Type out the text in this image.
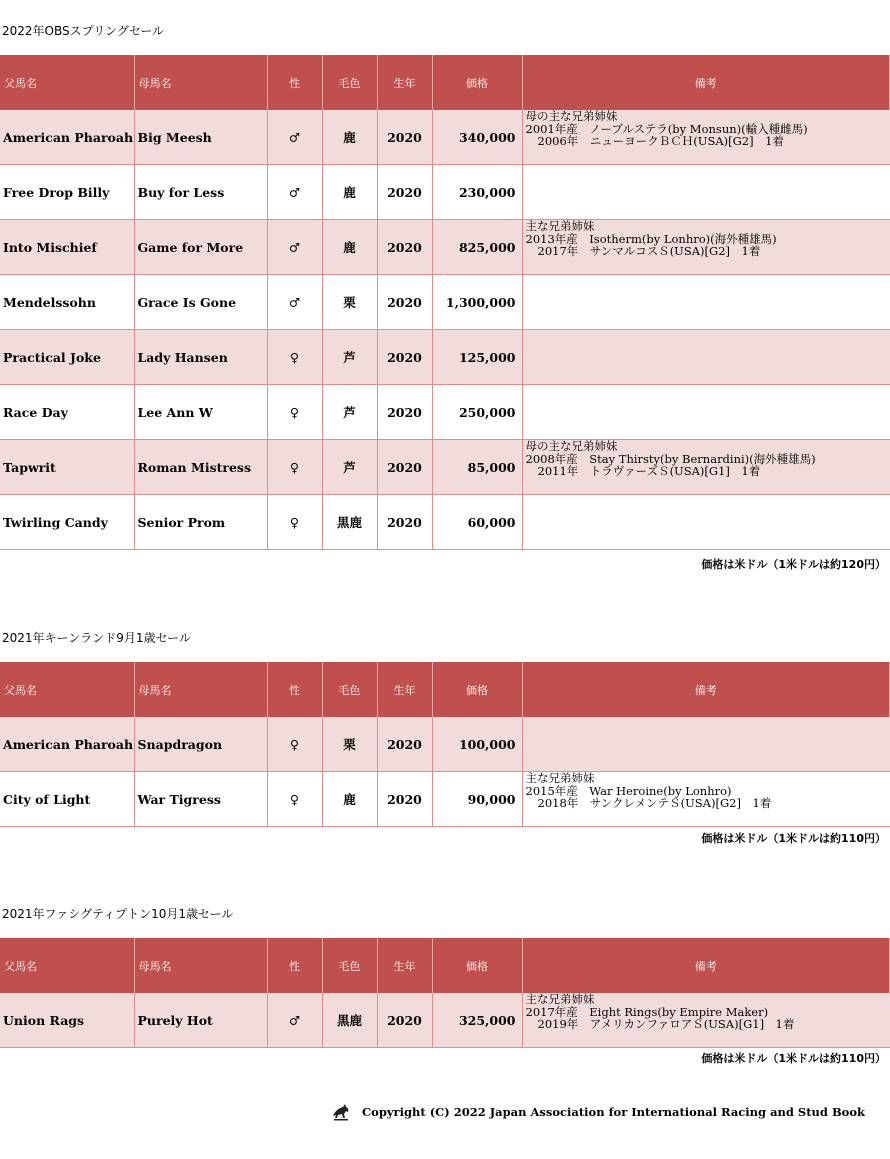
2022年OBSスプリングセール
父馬名	母馬名	性	毛色	生年	価格	備考
American Pharoah	Big Meesh	♂	鹿	2020	340,000	母の主な兄弟姉妹
2001年産　ノーブルステラ(by Monsun)(輸入種雌馬)
2006年　ニューヨークＢＣＨ(USA)[G2]　1着

Free Drop Billy	Buy for Less	♂	鹿	2020	230,000	
Into Mischief	Game for More	♂	鹿	2020	825,000	主な兄弟姉妹
2013年産　Isotherm(by Lonhro)(海外種雄馬)
2017年　サンマルコスＳ(USA)[G2]　1着

Mendelssohn	Grace Is Gone	♂	栗	2020	1,300,000	
Practical Joke	Lady Hansen	♀	芦	2020	125,000	
Race Day	Lee Ann W	♀	芦	2020	250,000	
Tapwrit	Roman Mistress	♀	芦	2020	85,000	母の主な兄弟姉妹
2008年産　Stay Thirsty(by Bernardini)(海外種雄馬)
2011年　トラヴァーズＳ(USA)[G1]　1着

Twirling Candy	Senior Prom	♀	黒鹿	2020	60,000	
価格は米ドル（1米ドルは約120円）
2021年キーンランド9月1歳セール
父馬名	母馬名	性	毛色	生年	価格	備考
American Pharoah	Snapdragon	♀	栗	2020	100,000	
City of Light	War Tigress	♀	鹿	2020	90,000	主な兄弟姉妹
2015年産　War Heroine(by Lonhro)
2018年　サンクレメンテＳ(USA)[G2]　1着
価格は米ドル（1米ドルは約110円）
2021年ファシグティプトン10月1歳セール
父馬名	母馬名	性	毛色	生年	価格	備考
Union Rags	Purely Hot	♂	黒鹿	2020	325,000	主な兄弟姉妹
2017年産　Eight Rings(by Empire Maker)
2019年　アメリカンファロアＳ(USA)[G1]　1着
価格は米ドル（1米ドルは約110円）
Copyright (C) 2022 Japan Association for International Racing and Stud Book
